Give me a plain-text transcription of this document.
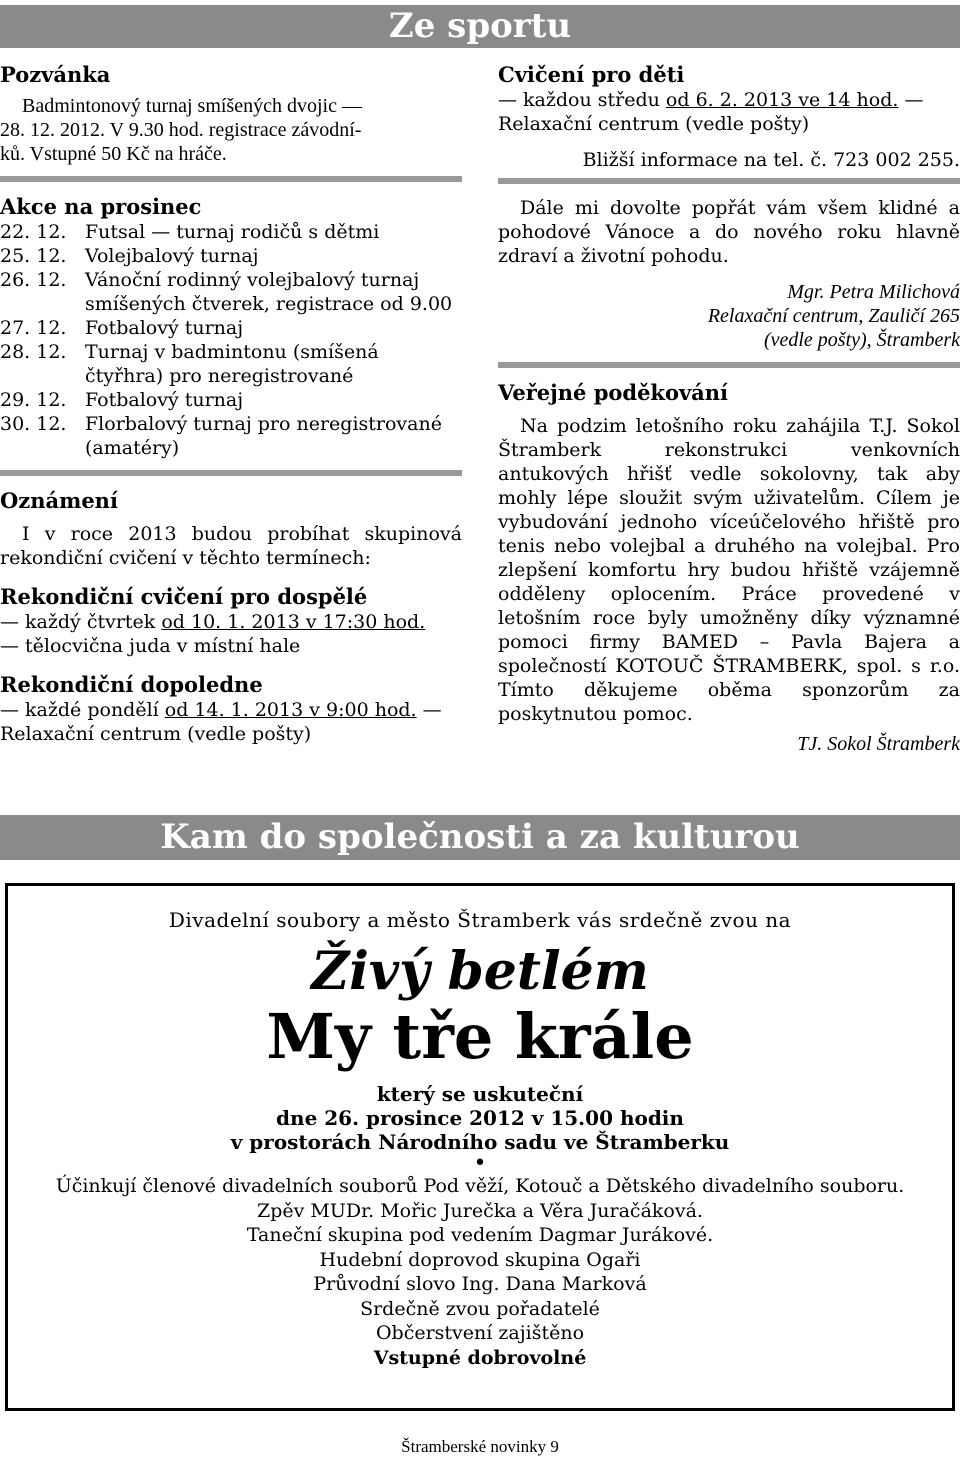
Ze sportu

Pozvánka

Badmintonový turnaj smíšených dvojic —

28. 12. 2012. V 9.30 hod. registrace závodní-

ků. Vstupné 50 Kč na hráče.

Akce na prosinec

22. 12. Futsal — turnaj rodičů s dětmi
25. 12. Volejbalový turnaj
26. 12. Vánoční rodinný volejbalový turnaj smíšených čtverek, registrace od 9.00
27. 12. Fotbalový turnaj
28. 12. Turnaj v badmintonu (smíšená čtyřhra) pro neregistrované
29. 12. Fotbalový turnaj
30. 12. Florbalový turnaj pro neregistrované (amatéry)

Oznámení

I v roce 2013 budou probíhat skupinová rekondiční cvičení v těchto termínech:

Rekondiční cvičení pro dospělé

— každý čtvrtek od 10. 1. 2013 v 17:30 hod.

— tělocvična juda v místní hale

Rekondiční dopoledne

— každé pondělí od 14. 1. 2013 v 9:00 hod. —

Relaxační centrum (vedle pošty)

Cvičení pro děti

— každou středu od 6. 2. 2013 ve 14 hod. —

Relaxační centrum (vedle pošty)

Bližší informace na tel. č. 723 002 255.

Dále mi dovolte popřát vám všem klidné a pohodové Vánoce a do nového roku hlavně zdraví a životní pohodu.

Mgr. Petra Milichová

Relaxační centrum, Zauličí 265

(vedle pošty), Štramberk

Veřejné poděkování

Na podzim letošního roku zahájila T.J. Sokol Štramberk rekonstrukci venkovních antukových hřišť vedle sokolovny, tak aby mohly lépe sloužit svým uživatelům. Cílem je vybudování jednoho víceúčelového hřiště pro tenis nebo volejbal a druhého na volejbal. Pro zlepšení komfortu hry budou hřiště vzájemně odděleny oplocením. Práce provedené v letošním roce byly umožněny díky významné pomoci firmy BAMED – Pavla Bajera a společností KOTOUČ ŠTRAMBERK, spol. s r.o. Tímto děkujeme oběma sponzorům za poskytnutou pomoc.

TJ. Sokol Štramberk

Kam do společnosti a za kulturou
Divadelní soubory a město Štramberk vás srdečně zvou na
Živý betlém
My tře krále
který se uskuteční
dne 26. prosince 2012 v 15.00 hodin
v prostorách Národního sadu ve Štramberku
•
Účinkují členové divadelních souborů Pod věží, Kotouč a Dětského divadelního souboru.
Zpěv MUDr. Mořic Jurečka a Věra Juračáková.
Taneční skupina pod vedením Dagmar Jurákové.
Hudební doprovod skupina Ogaři
Průvodní slovo Ing. Dana Marková
Srdečně zvou pořadatelé
Občerstvení zajištěno
Vstupné dobrovolné
Štramberské novinky 9
